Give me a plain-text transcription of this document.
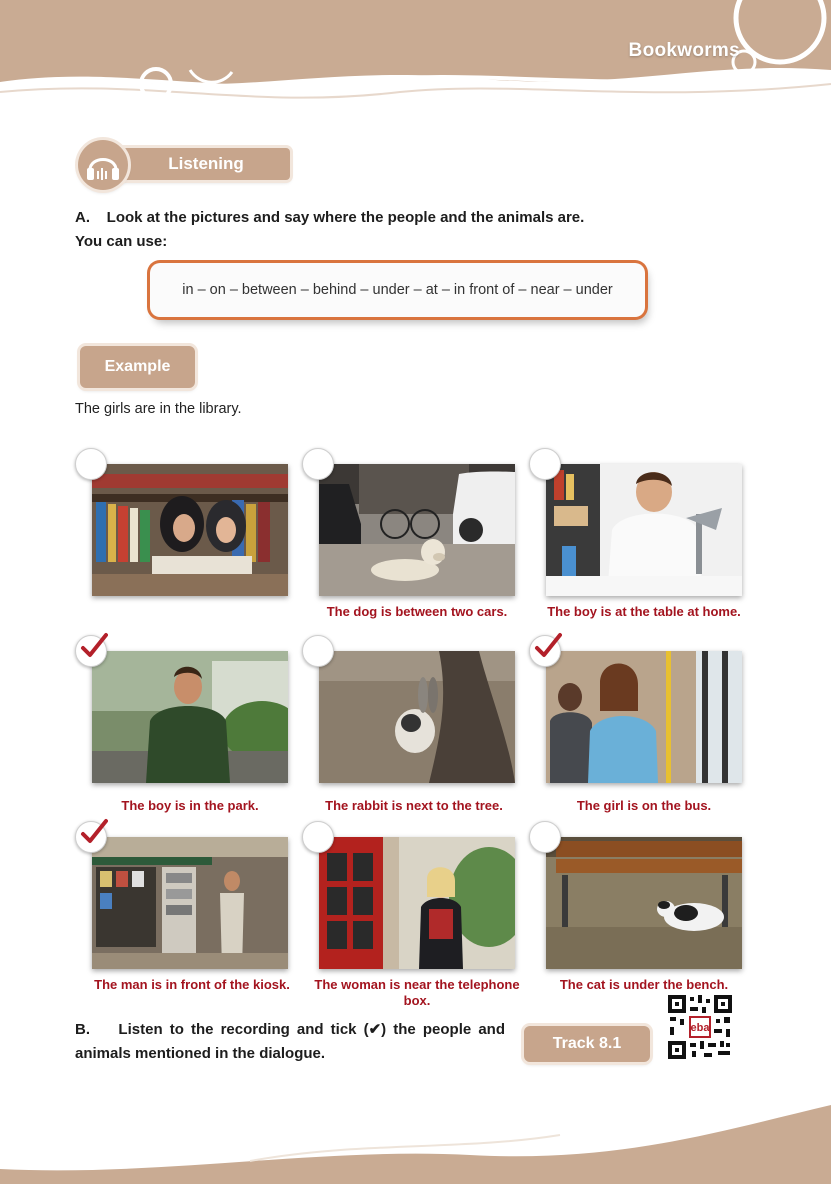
Bookworms
Listening
A.    Look at the pictures and say where the people and the animals are.
You can use:
in – on – between – behind – under – at – in front of – near – under
Example
The girls are in the library.
The dog is between two cars.	The boy is at the table at home.
The boy is in the park.	The rabbit is next to the tree.	The girl is on the bus.
The man is in front of the kiosk.	The woman is near the telephone box.
The cat is under the bench.
B.    Listen to the recording and tick (✔) the people and animals mentioned in the dialogue.
Track 8.1
eba
